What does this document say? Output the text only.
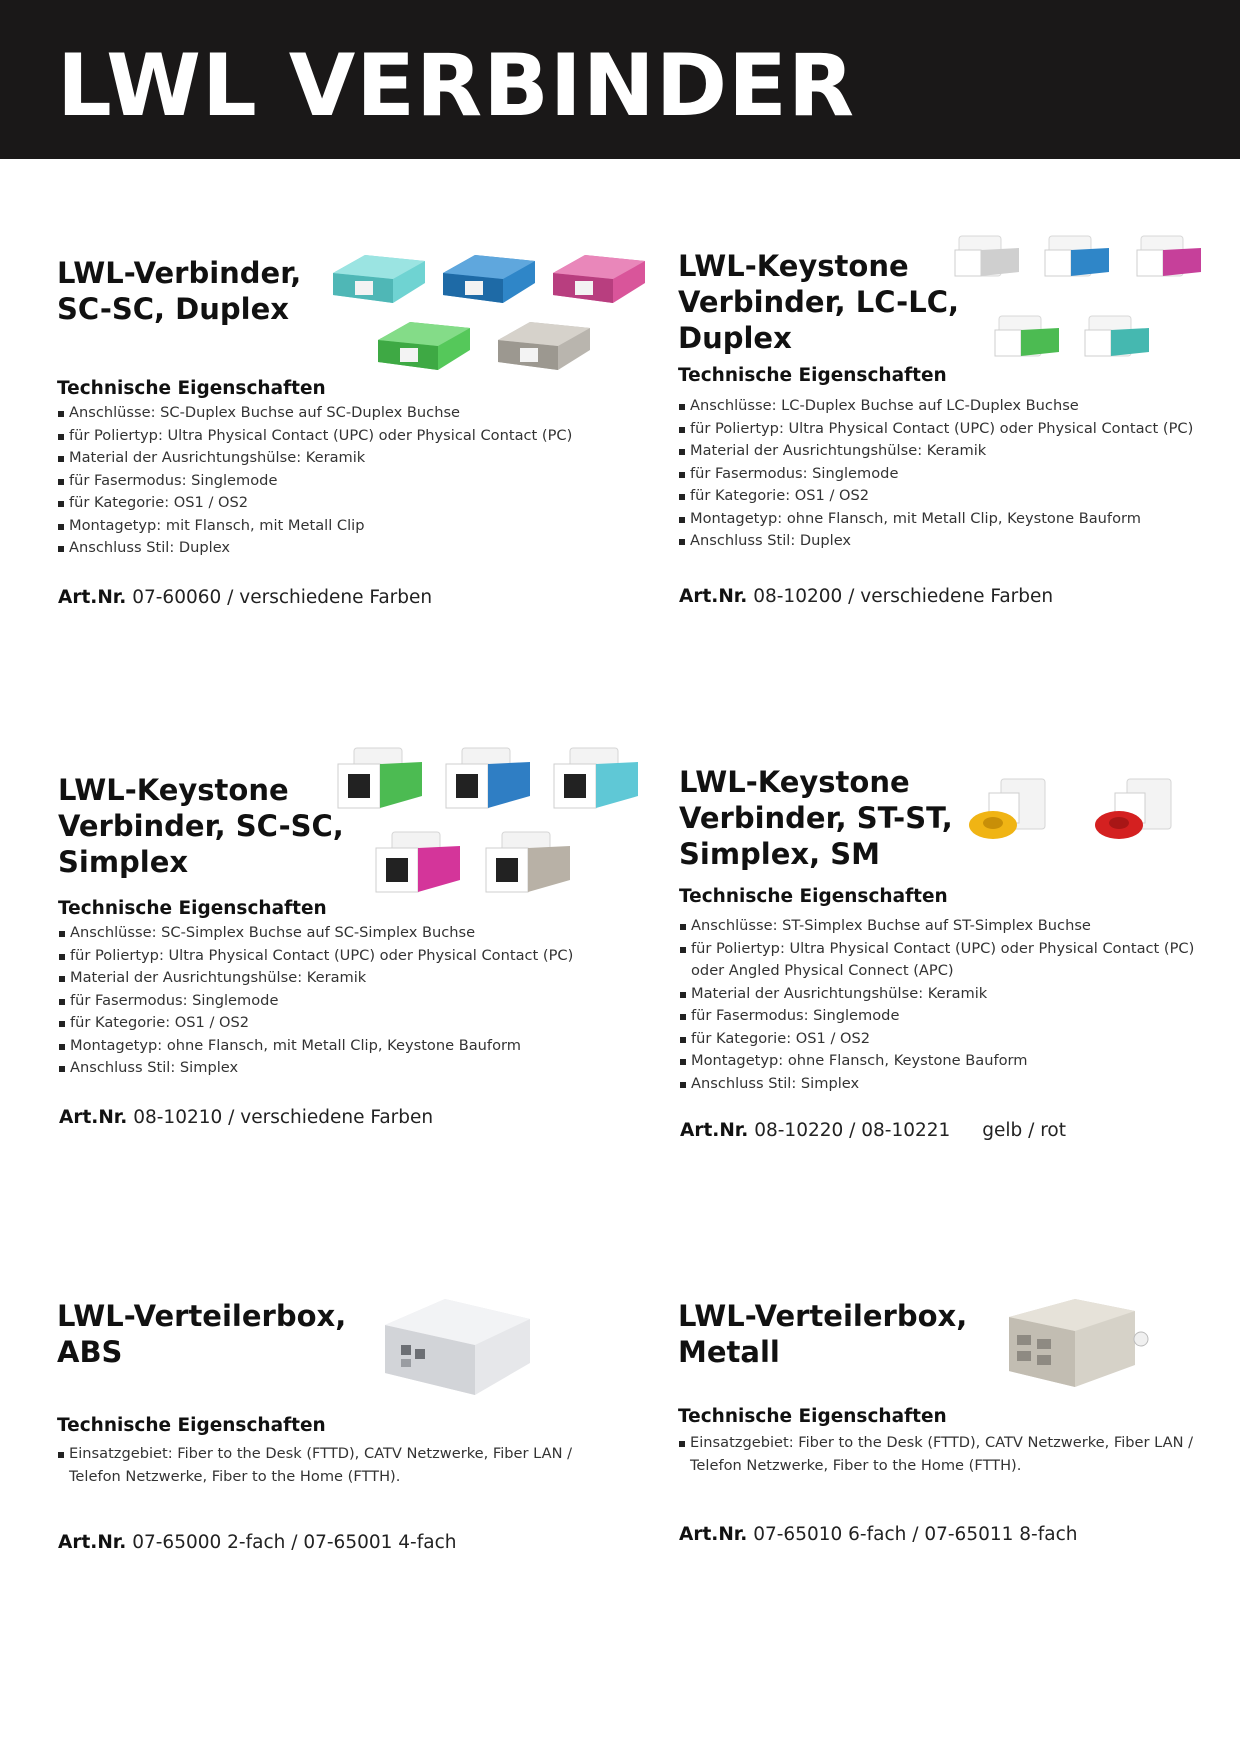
LWL VERBINDER
LWL-Verbinder,
SC-SC, Duplex
Technische Eigenschaften
Anschlüsse: SC-Duplex Buchse auf SC-Duplex Buchse
für Poliertyp: Ultra Physical Contact (UPC) oder Physical Contact (PC)
Material der Ausrichtungshülse: Keramik
für Fasermodus: Singlemode
für Kategorie: OS1 / OS2
Montagetyp: mit Flansch, mit Metall Clip
Anschluss Stil: Duplex
Art.Nr. 07-60060 / verschiedene Farben
LWL-Keystone
Verbinder, LC-LC,
Duplex
Technische Eigenschaften
Anschlüsse: LC-Duplex Buchse auf LC-Duplex Buchse
für Poliertyp: Ultra Physical Contact (UPC) oder Physical Contact (PC)
Material der Ausrichtungshülse: Keramik
für Fasermodus: Singlemode
für Kategorie: OS1 / OS2
Montagetyp: ohne Flansch, mit Metall Clip, Keystone Bauform
Anschluss Stil: Duplex
Art.Nr. 08-10200 / verschiedene Farben
LWL-Keystone
Verbinder, SC-SC,
Simplex
Technische Eigenschaften
Anschlüsse: SC-Simplex Buchse auf SC-Simplex Buchse
für Poliertyp: Ultra Physical Contact (UPC) oder Physical Contact (PC)
Material der Ausrichtungshülse: Keramik
für Fasermodus: Singlemode
für Kategorie: OS1 / OS2
Montagetyp: ohne Flansch, mit Metall Clip, Keystone Bauform
Anschluss Stil: Simplex
Art.Nr. 08-10210 / verschiedene Farben
LWL-Keystone
Verbinder, ST-ST,
Simplex, SM
Technische Eigenschaften
Anschlüsse: ST-Simplex Buchse auf ST-Simplex Buchse
für Poliertyp: Ultra Physical Contact (UPC) oder Physical Contact (PC) oder Angled Physical Connect (APC)
Material der Ausrichtungshülse: Keramik
für Fasermodus: Singlemode
für Kategorie: OS1 / OS2
Montagetyp: ohne Flansch, Keystone Bauform
Anschluss Stil: Simplex
Art.Nr. 08-10220 / 08-10221 gelb / rot
LWL-Verteilerbox,
ABS
Technische Eigenschaften
Einsatzgebiet: Fiber to the Desk (FTTD), CATV Netzwerke, Fiber LAN / Telefon Netzwerke, Fiber to the Home (FTTH).
Art.Nr. 07-65000 2-fach / 07-65001 4-fach
LWL-Verteilerbox,
Metall
Technische Eigenschaften
Einsatzgebiet: Fiber to the Desk (FTTD), CATV Netzwerke, Fiber LAN / Telefon Netzwerke, Fiber to the Home (FTTH).
Art.Nr. 07-65010 6-fach / 07-65011 8-fach
